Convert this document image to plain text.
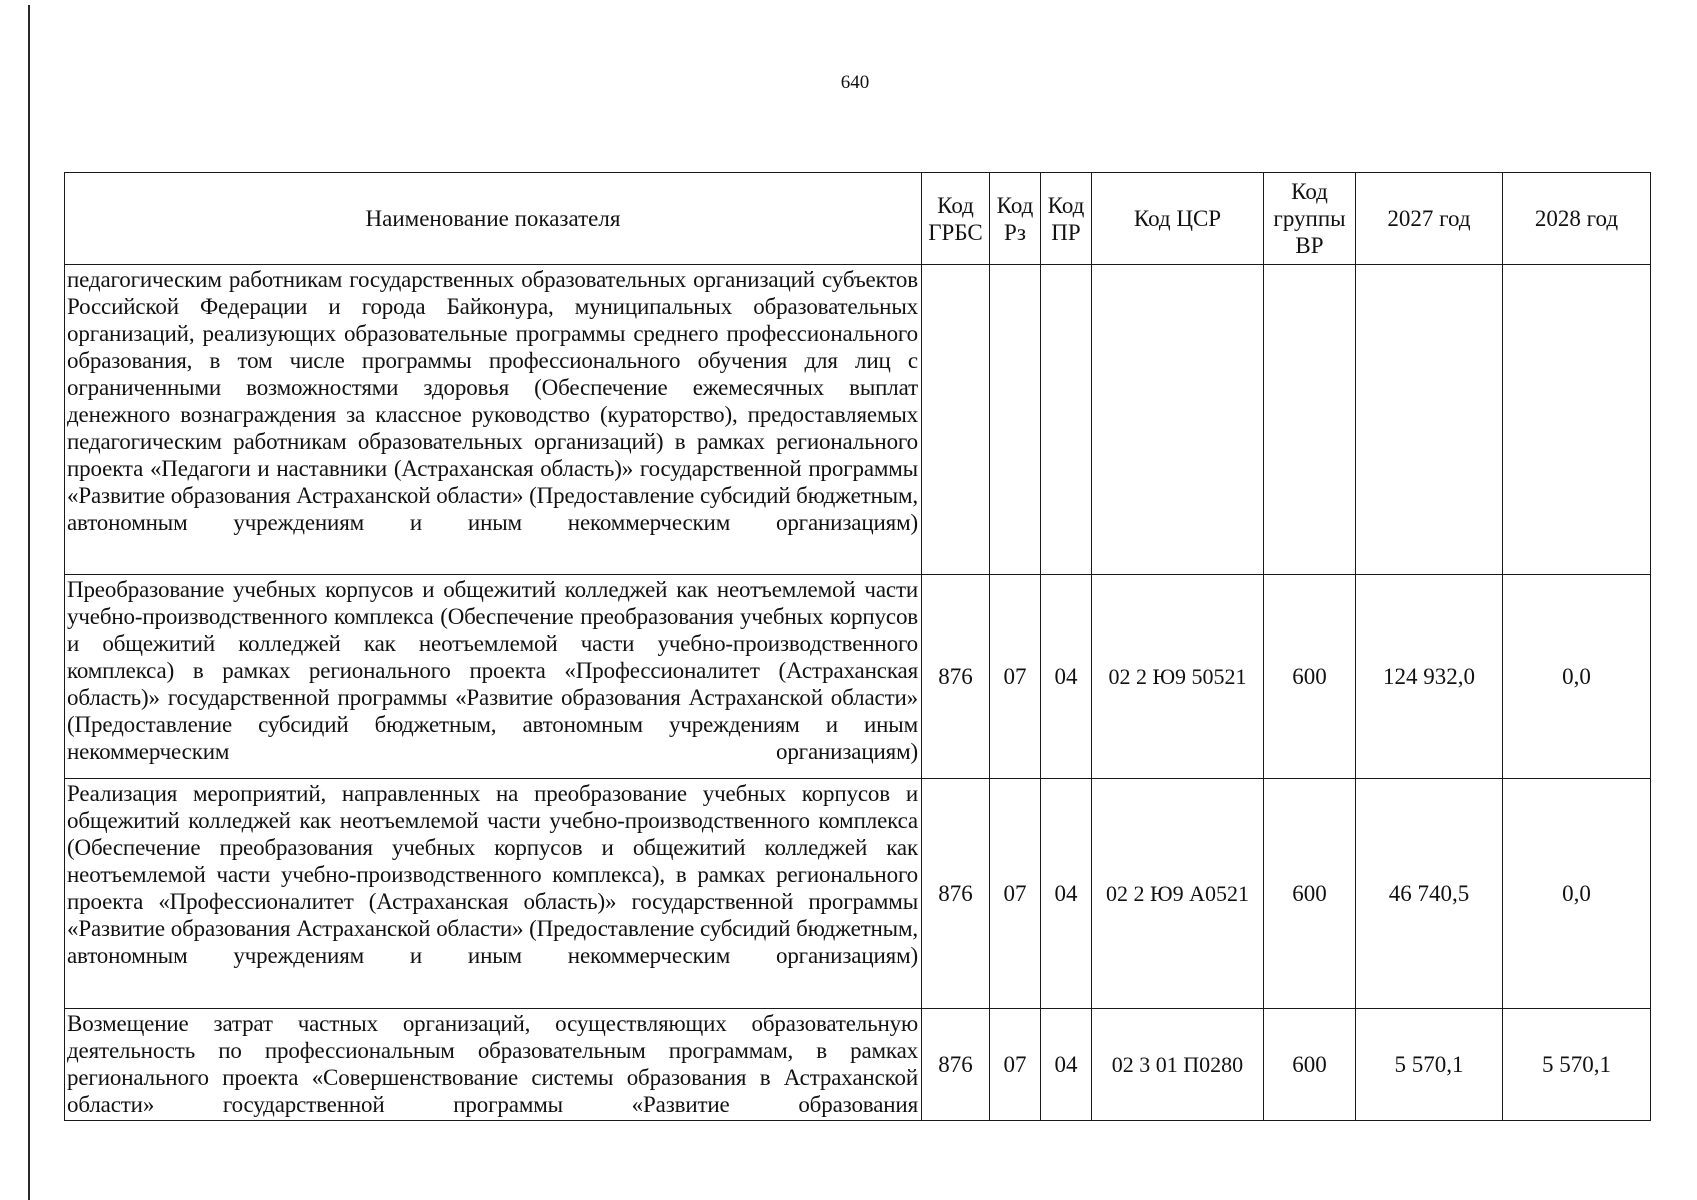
640
Наименование показателя	Код ГРБС	Код Рз	Код ПР	Код ЦСР	Код группы ВР	2027 год	2028 год
педагогическим работникам государственных образовательных организаций субъектов Российской Федерации и города Байконура, муниципальных образовательных организаций, реализующих образовательные программы среднего профессионального образования, в том числе программы профессионального обучения для лиц с ограниченными возможностями здоровья (Обеспечение ежемесячных выплат денежного вознаграждения за классное руководство (кураторство), предоставляемых педагогическим работникам образовательных организаций) в рамках регионального проекта «Педагоги и наставники (Астраханская область)» государственной программы «Развитие образования Астраханской области» (Предоставление субсидий бюджетным, автономным учреждениям и иным некоммерческим организациям)							
Преобразование учебных корпусов и общежитий колледжей как неотъемлемой части учебно-производственного комплекса (Обеспечение преобразования учебных корпусов и общежитий колледжей как неотъемлемой части учебно-производственного комплекса) в рамках регионального проекта «Профессионалитет (Астраханская область)» государственной программы «Развитие образования Астраханской области» (Предоставление субсидий бюджетным, автономным учреждениям и иным некоммерческим организациям)	876	07	04	02 2 Ю9 50521	600	124 932,0	0,0
Реализация мероприятий, направленных на преобразование учебных корпусов и общежитий колледжей как неотъемлемой части учебно-производственного комплекса (Обеспечение преобразования учебных корпусов и общежитий колледжей как неотъемлемой части учебно-производственного комплекса), в рамках регионального проекта «Профессионалитет (Астраханская область)» государственной программы «Развитие образования Астраханской области» (Предоставление субсидий бюджетным, автономным учреждениям и иным некоммерческим организациям)	876	07	04	02 2 Ю9 А0521	600	46 740,5	0,0
Возмещение затрат частных организаций, осуществляющих образовательную деятельность по профессиональным образовательным программам, в рамках регионального проекта «Совершенствование системы образования в Астраханской области» государственной программы «Развитие образования	876	07	04	02 3 01 П0280	600	5 570,1	5 570,1
